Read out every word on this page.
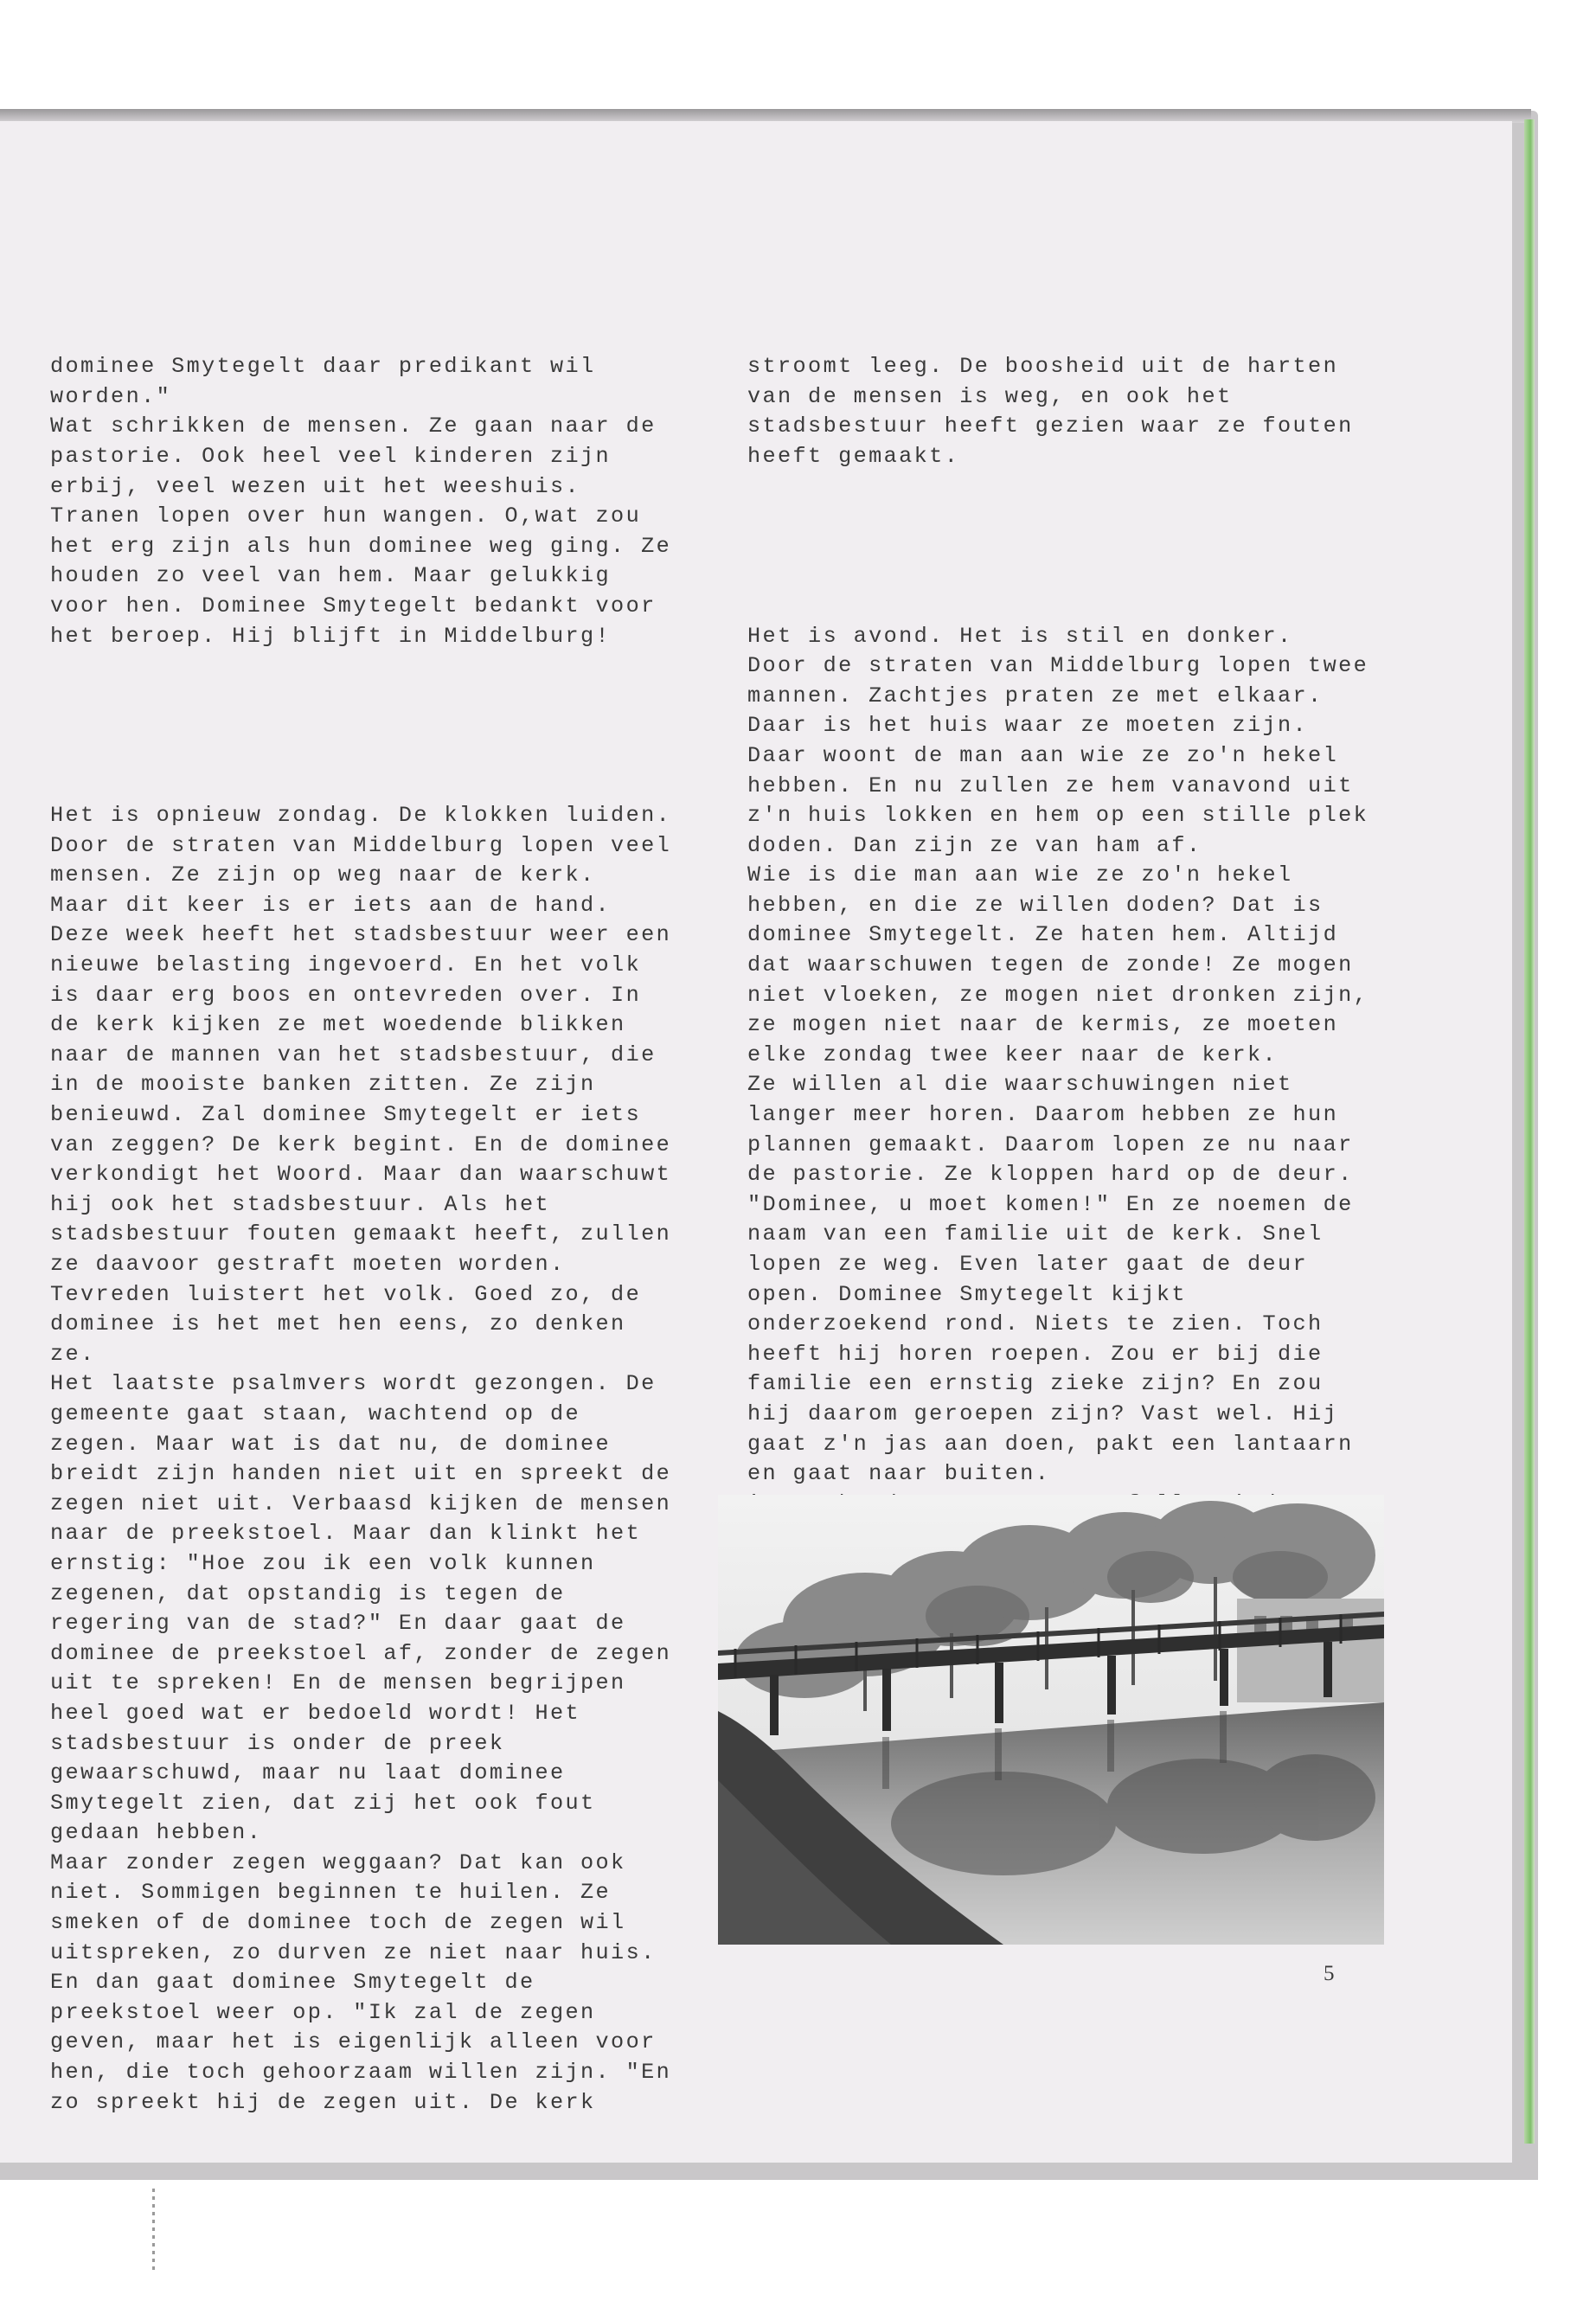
dominee Smytegelt daar predikant wil
worden."
Wat schrikken de mensen. Ze gaan naar de
pastorie. Ook heel veel kinderen zijn
erbij, veel wezen uit het weeshuis.
Tranen lopen over hun wangen. O,wat zou
het erg zijn als hun dominee weg ging. Ze
houden zo veel van hem. Maar gelukkig
voor hen. Dominee Smytegelt bedankt voor
het beroep. Hij blijft in Middelburg!

Het is opnieuw zondag. De klokken luiden.
Door de straten van Middelburg lopen veel
mensen. Ze zijn op weg naar de kerk.
Maar dit keer is er iets aan de hand.
Deze week heeft het stadsbestuur weer een
nieuwe belasting ingevoerd. En het volk
is daar erg boos en ontevreden over. In
de kerk kijken ze met woedende blikken
naar de mannen van het stadsbestuur, die
in de mooiste banken zitten. Ze zijn
benieuwd. Zal dominee Smytegelt er iets
van zeggen? De kerk begint. En de dominee
verkondigt het Woord. Maar dan waarschuwt
hij ook het stadsbestuur. Als het
stadsbestuur fouten gemaakt heeft, zullen
ze daavoor gestraft moeten worden.
Tevreden luistert het volk. Goed zo, de
dominee is het met hen eens, zo denken
ze.
Het laatste psalmvers wordt gezongen. De
gemeente gaat staan, wachtend op de
zegen. Maar wat is dat nu, de dominee
breidt zijn handen niet uit en spreekt de
zegen niet uit. Verbaasd kijken de mensen
naar de preekstoel. Maar dan klinkt het
ernstig: "Hoe zou ik een volk kunnen
zegenen, dat opstandig is tegen de
regering van de stad?" En daar gaat de
dominee de preekstoel af, zonder de zegen
uit te spreken! En de mensen begrijpen
heel goed wat er bedoeld wordt! Het
stadsbestuur is onder de preek
gewaarschuwd, maar nu laat dominee
Smytegelt zien, dat zij het ook fout
gedaan hebben.
Maar zonder zegen weggaan? Dat kan ook
niet. Sommigen beginnen te huilen. Ze
smeken of de dominee toch de zegen wil
uitspreken, zo durven ze niet naar huis.
En dan gaat dominee Smytegelt de
preekstoel weer op. "Ik zal de zegen
geven, maar het is eigenlijk alleen voor
hen, die toch gehoorzaam willen zijn. "En
zo spreekt hij de zegen uit. De kerk

stroomt leeg. De boosheid uit de harten
van de mensen is weg, en ook het
stadsbestuur heeft gezien waar ze fouten
heeft gemaakt.

Het is avond. Het is stil en donker.
Door de straten van Middelburg lopen twee
mannen. Zachtjes praten ze met elkaar.
Daar is het huis waar ze moeten zijn.
Daar woont de man aan wie ze zo'n hekel
hebben. En nu zullen ze hem vanavond uit
z'n huis lokken en hem op een stille plek
doden. Dan zijn ze van ham af.
Wie is die man aan wie ze zo'n hekel
hebben, en die ze willen doden? Dat is
dominee Smytegelt. Ze haten hem. Altijd
dat waarschuwen tegen de zonde! Ze mogen
niet vloeken, ze mogen niet dronken zijn,
ze mogen niet naar de kermis, ze moeten
elke zondag twee keer naar de kerk.
Ze willen al die waarschuwingen niet
langer meer horen. Daarom hebben ze hun
plannen gemaakt. Daarom lopen ze nu naar
de pastorie. Ze kloppen hard op de deur.
"Dominee, u moet komen!" En ze noemen de
naam van een familie uit de kerk. Snel
lopen ze weg. Even later gaat de deur
open. Dominee Smytegelt kijkt
onderzoekend rond. Niets te zien. Toch
heeft hij horen roepen. Zou er bij die
familie een ernstig zieke zijn? En zou
hij daarom geroepen zijn? Vast wel. Hij
gaat z'n jas aan doen, pakt een lantaarn
en gaat naar buiten.

5
